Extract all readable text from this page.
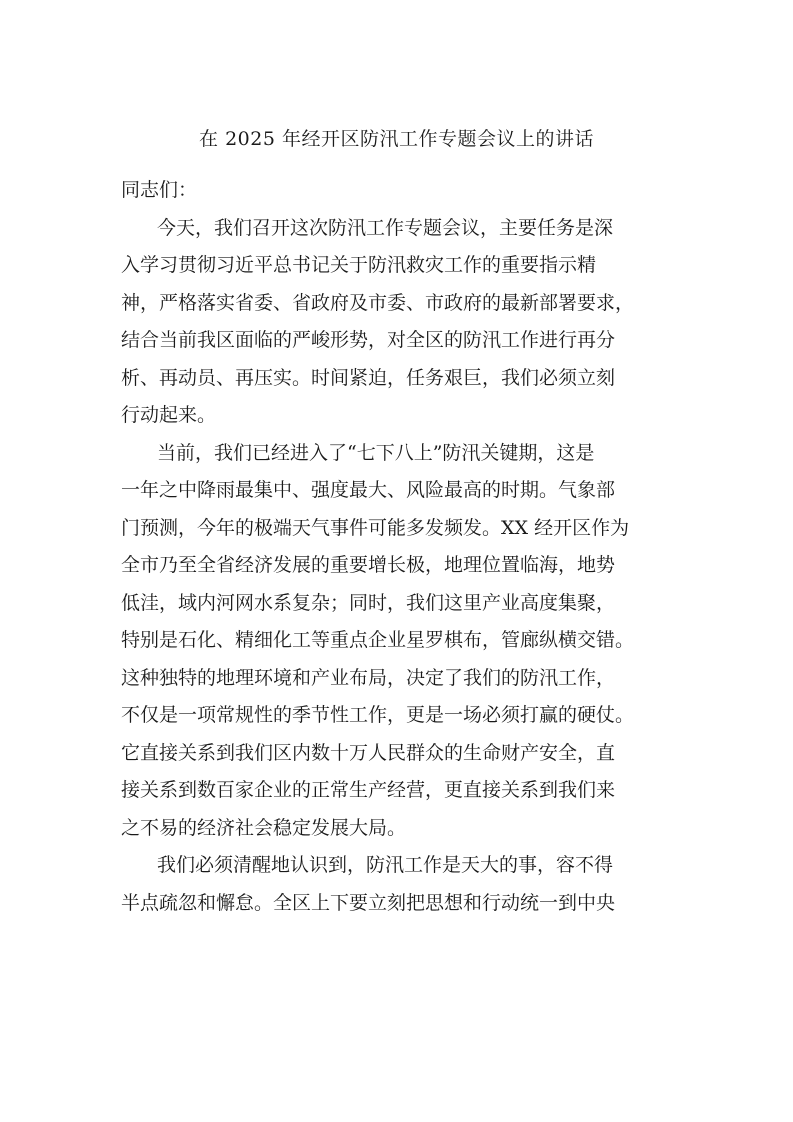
在 2025 年经开区防汛工作专题会议上的讲话
同志们：
今天，我们召开这次防汛工作专题会议，主要任务是深
入学习贯彻习近平总书记关于防汛救灾工作的重要指示精
神，严格落实省委、省政府及市委、市政府的最新部署要求，
结合当前我区面临的严峻形势，对全区的防汛工作进行再分
析、再动员、再压实。时间紧迫，任务艰巨，我们必须立刻
行动起来。
当前，我们已经进入了“七下八上”防汛关键期，这是
一年之中降雨最集中、强度最大、风险最高的时期。气象部
门预测，今年的极端天气事件可能多发频发。XX 经开区作为
全市乃至全省经济发展的重要增长极，地理位置临海，地势
低洼，域内河网水系复杂；同时，我们这里产业高度集聚，
特别是石化、精细化工等重点企业星罗棋布，管廊纵横交错。
这种独特的地理环境和产业布局，决定了我们的防汛工作，
不仅是一项常规性的季节性工作，更是一场必须打赢的硬仗。
它直接关系到我们区内数十万人民群众的生命财产安全，直
接关系到数百家企业的正常生产经营，更直接关系到我们来
之不易的经济社会稳定发展大局。
我们必须清醒地认识到，防汛工作是天大的事，容不得
半点疏忽和懈怠。全区上下要立刻把思想和行动统一到中央
